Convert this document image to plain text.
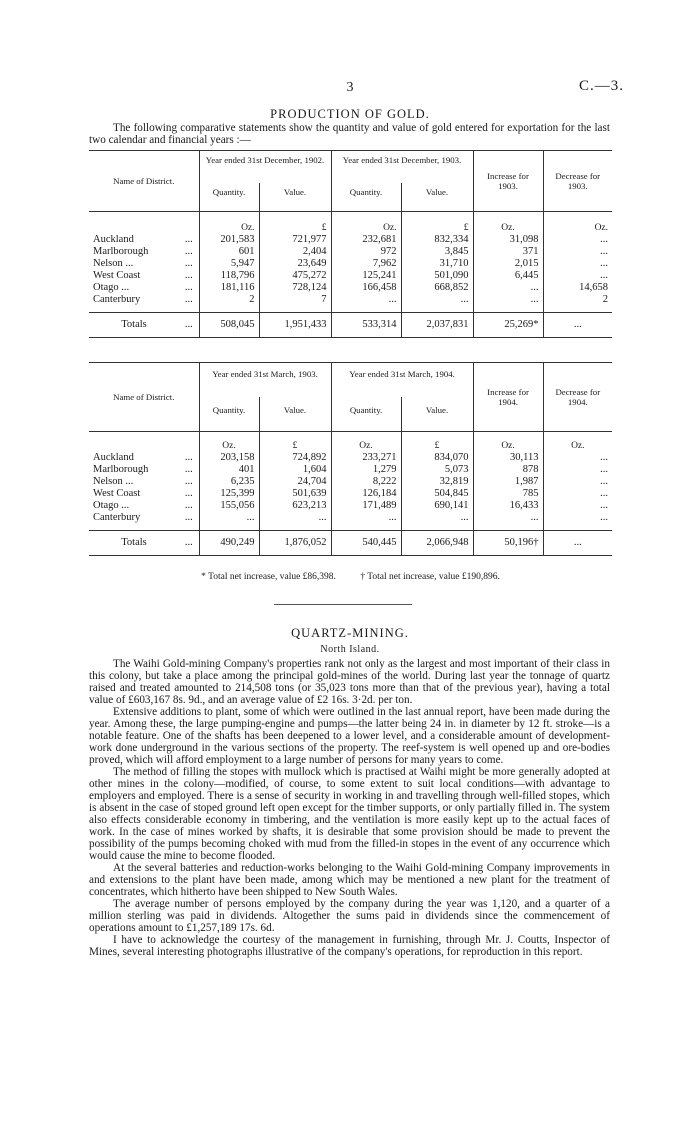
3	C.—3.
PRODUCTION OF GOLD.
The following comparative statements show the quantity and value of gold entered for exportation for the last two calendar and financial years :—
Name of District.		Year ended 31st December, 1902.		Year ended 31st December, 1903.		Increase for 1903.	Decrease for 1903.
		Quantity.	Value.	Quantity.	Value.		
		Oz.	£	Oz.	£	Oz.	Oz.
Auckland	...	201,583	721,977	232,681	832,334	31,098	...
Marlborough	...	601	2,404	972	3,845	371	...
Nelson ...	...	5,947	23,649	7,962	31,710	2,015	...
West Coast	...	118,796	475,272	125,241	501,090	6,445	...
Otago ...	...	181,116	728,124	166,458	668,852	...	14,658
Canterbury	...	2	7	...	...	...	2
Totals	...	508,045	1,951,433	533,314	2,037,831	25,269*	...
Name of District.		Year ended 31st March, 1903.		Year ended 31st March, 1904.		Increase for 1904.	Decrease for 1904.
		Quantity.	Value.	Quantity.	Value.		
		Oz.	£	Oz.	£	Oz.	Oz.
Auckland	...	203,158	724,892	233,271	834,070	30,113	...
Marlborough	...	401	1,604	1,279	5,073	878	...
Nelson ...	...	6,235	24,704	8,222	32,819	1,987	...
West Coast	...	125,399	501,639	126,184	504,845	785	...
Otago ...	...	155,056	623,213	171,489	690,141	16,433	...
Canterbury	...	...	...	...	...	...	...
Totals	...	490,249	1,876,052	540,445	2,066,948	50,196†	...
* Total net increase, value £86,398.	† Total net increase, value £190,896.
QUARTZ-MINING.
North Island.

The Waihi Gold-mining Company's properties rank not only as the largest and most important of their class in this colony, but take a place among the principal gold-mines of the world. During last year the tonnage of quartz raised and treated amounted to 214,508 tons (or 35,023 tons more than that of the previous year), having a total value of £603,167 8s. 9d., and an average value of £2 16s. 3·2d. per ton.

Extensive additions to plant, some of which were outlined in the last annual report, have been made during the year. Among these, the large pumping-engine and pumps—the latter being 24 in. in diameter by 12 ft. stroke—is a notable feature. One of the shafts has been deepened to a lower level, and a considerable amount of development-work done underground in the various sections of the property. The reef-system is well opened up and ore-bodies proved, which will afford employment to a large number of persons for many years to come.

The method of filling the stopes with mullock which is practised at Waihi might be more generally adopted at other mines in the colony—modified, of course, to some extent to suit local conditions—with advantage to employers and employed. There is a sense of security in working in and travelling through well-filled stopes, which is absent in the case of stoped ground left open except for the timber supports, or only partially filled in. The system also effects considerable economy in timbering, and the ventilation is more easily kept up to the actual faces of work. In the case of mines worked by shafts, it is desirable that some provision should be made to prevent the possibility of the pumps becoming choked with mud from the filled-in stopes in the event of any occurrence which would cause the mine to become flooded.

At the several batteries and reduction-works belonging to the Waihi Gold-mining Company improvements in and extensions to the plant have been made, among which may be mentioned a new plant for the treatment of concentrates, which hitherto have been shipped to New South Wales.

The average number of persons employed by the company during the year was 1,120, and a quarter of a million sterling was paid in dividends. Altogether the sums paid in dividends since the commencement of operations amount to £1,257,189 17s. 6d.

I have to acknowledge the courtesy of the management in furnishing, through Mr. J. Coutts, Inspector of Mines, several interesting photographs illustrative of the company's operations, for reproduction in this report.
